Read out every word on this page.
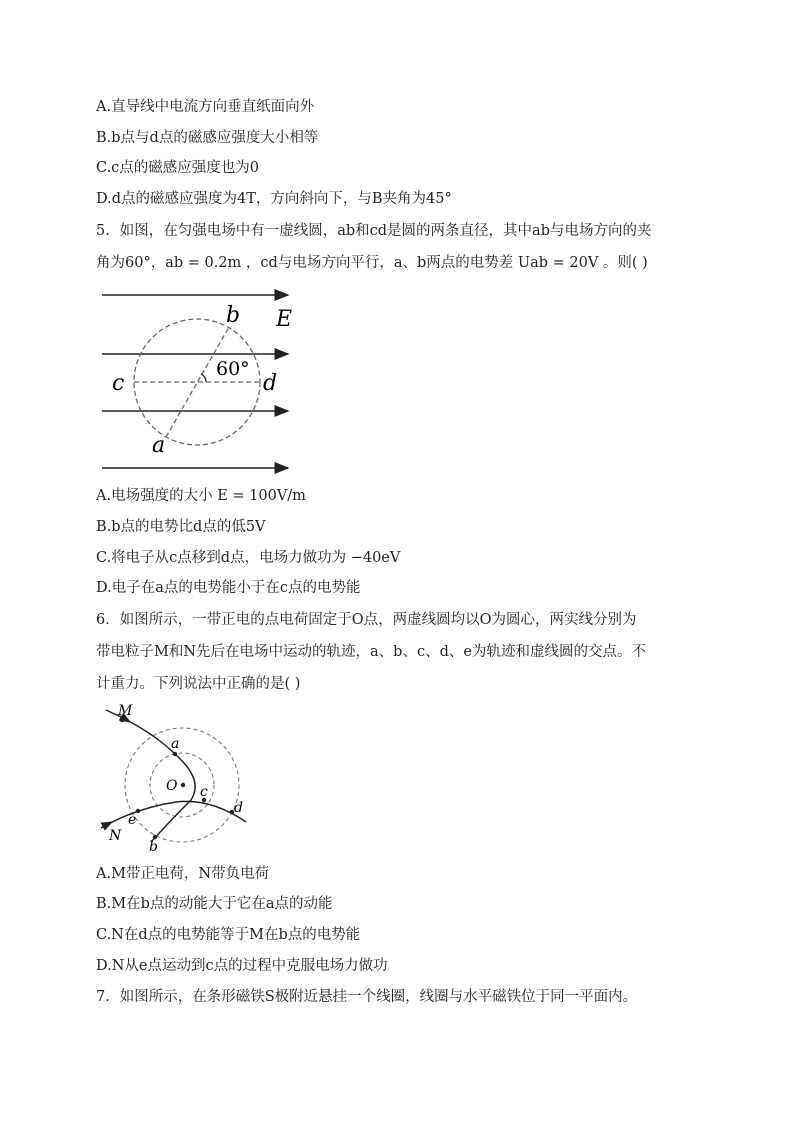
A.直导线中电流方向垂直纸面向外
B.b点与d点的磁感应强度大小相等
C.c点的磁感应强度也为0
D.d点的磁感应强度为4T，方向斜向下，与B夹角为45°
5．如图，在匀强电场中有一虚线圆，ab和cd是圆的两条直径，其中ab与电场方向的夹
角为60°，ab = 0.2m ，cd与电场方向平行，a、b两点的电势差 Uab = 20V 。则( )
60°
b E
c	d
a
A.电场强度的大小 E = 100V/m
B.b点的电势比d点的低5V
C.将电子从c点移到d点，电场力做功为 −40eV
D.电子在a点的电势能小于在c点的电势能
6．如图所示，一带正电的点电荷固定于O点，两虚线圆均以O为圆心，两实线分别为
带电粒子M和N先后在电场中运动的轨迹，a、b、c、d、e为轨迹和虚线圆的交点。不
计重力。下列说法中正确的是( )
M
a
O c
d
e
N
b
A.M带正电荷，N带负电荷
B.M在b点的动能大于它在a点的动能
C.N在d点的电势能等于M在b点的电势能
D.N从e点运动到c点的过程中克服电场力做功
7．如图所示，在条形磁铁S极附近悬挂一个线圈，线圈与水平磁铁位于同一平面内。
